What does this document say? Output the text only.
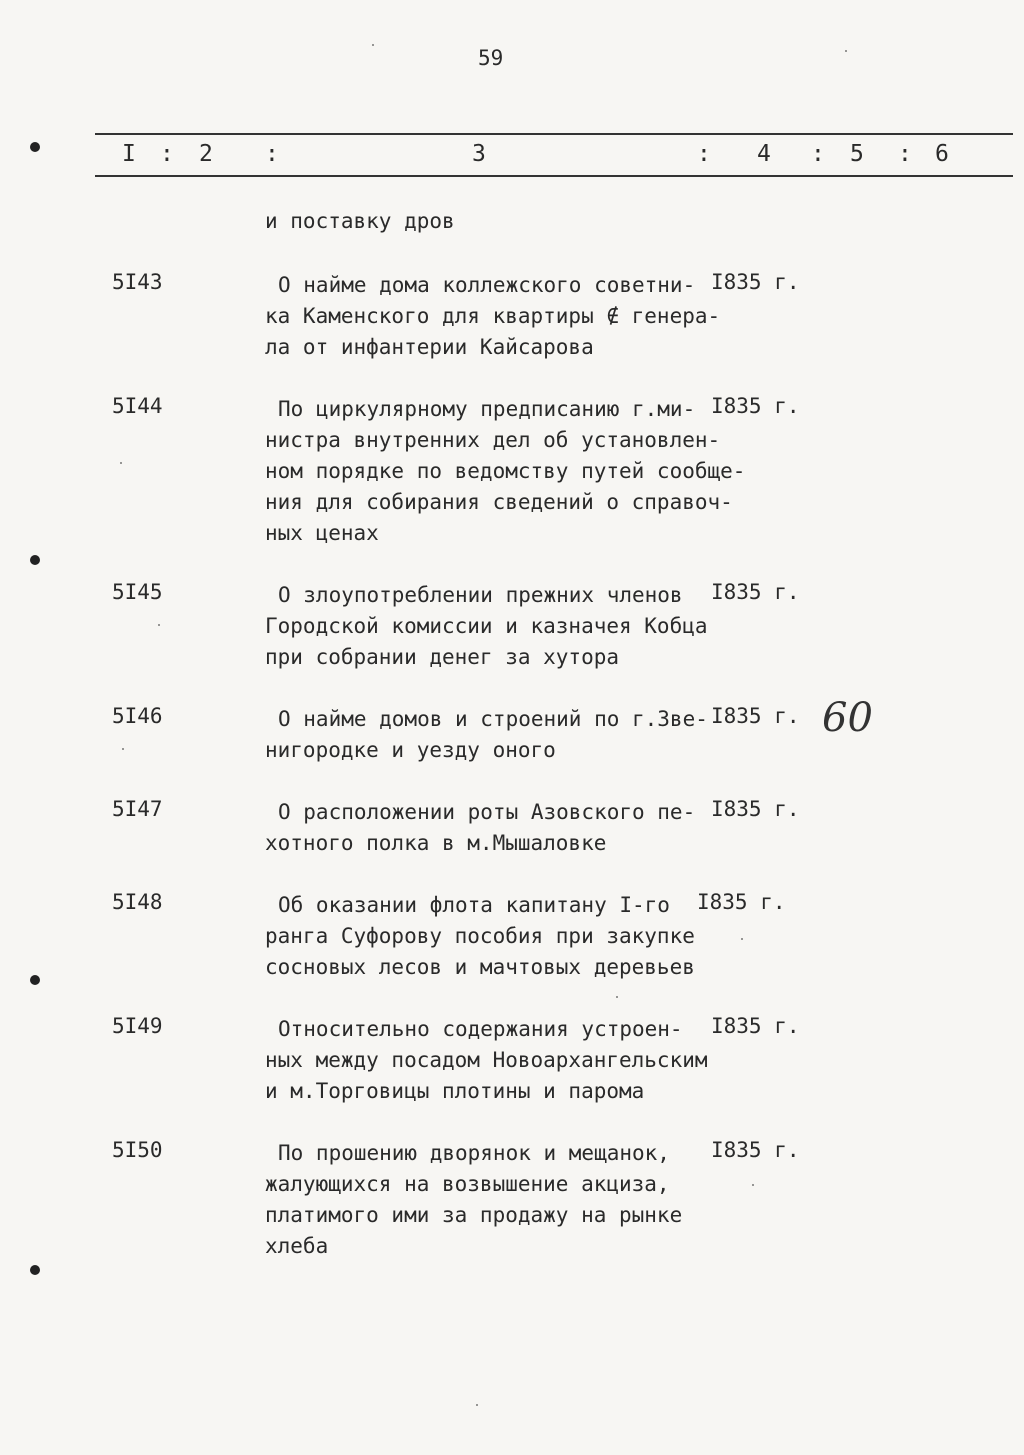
59
I : 2 :	3	: 4 : 5 : 6
и поставку дров
5I43	О найме дома коллежского советни-
ка Каменского для квартиры ∉ генера-
ла от инфантерии Кайсарова
I835 г.
5I44	По циркулярному предписанию г.ми-
нистра внутренних дел об установлен-
ном порядке по ведомству путей сообще-
ния для собирания сведений о справоч-
ных ценах
I835 г.
5I45	О злоупотреблении прежних членов
Городской комиссии и казначея Кобца
при собрании денег за хутора
I835 г.
5I46	О найме домов и строений по г.Зве-
нигородке и уезду оного
I835 г. 60
5I47	О расположении роты Азовского пе-
хотного полка в м.Мышаловке
I835 г.
5I48	Об оказании флота капитану I-го
ранга Суфорову пособия при закупке
сосновых лесов и мачтовых деревьев
I835 г.
5I49	Относительно содержания устроен-
ных между посадом Новоархангельским
и м.Торговицы плотины и парома
I835 г.
5I50	По прошению дворянок и мещанок,
жалующихся на возвышение акциза,
платимого ими за продажу на рынке
хлеба
I835 г.
